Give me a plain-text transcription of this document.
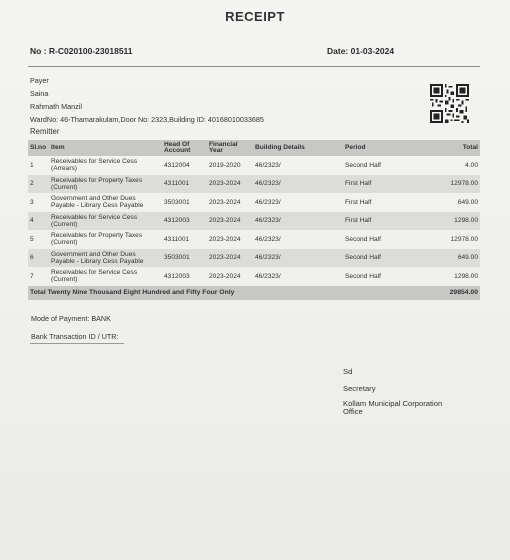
RECEIPT
No : R-C020100-23018511	Date: 01-03-2024
Payer
Saina
Rahmath Manzil
WardNo: 46-Thamarakulam,Door No: 2323,Building ID: 40168010033685
Remitter
Sl.no	Item	Head Of Account	Financial Year	Building Details	Period	Total
1	Receivables for Service Cess (Arrears)	4312004	2019-2020	46/2323/	Second Half	4.00
2	Receivables for Property Taxes (Current)	4311001	2023-2024	46/2323/	First Half	12978.00
3	Government and Other Dues Payable - Library Cess Payable	3503001	2023-2024	46/2323/	First Half	649.00
4	Receivables for Service Cess (Current)	4312003	2023-2024	46/2323/	First Half	1298.00
5	Receivables for Property Taxes (Current)	4311001	2023-2024	46/2323/	Second Half	12978.00
6	Government and Other Dues Payable - Library Cess Payable	3503001	2023-2024	46/2323/	Second Half	649.00
7	Receivables for Service Cess (Current)	4312003	2023-2024	46/2323/	Second Half	1298.00
Total Twenty Nine Thousand Eight Hundred and Fifty Four Only						29854.00
Mode of Payment: BANK
Bank Transaction ID / UTR:
Sd
Secretary
Kollam Municipal Corporation
Office
